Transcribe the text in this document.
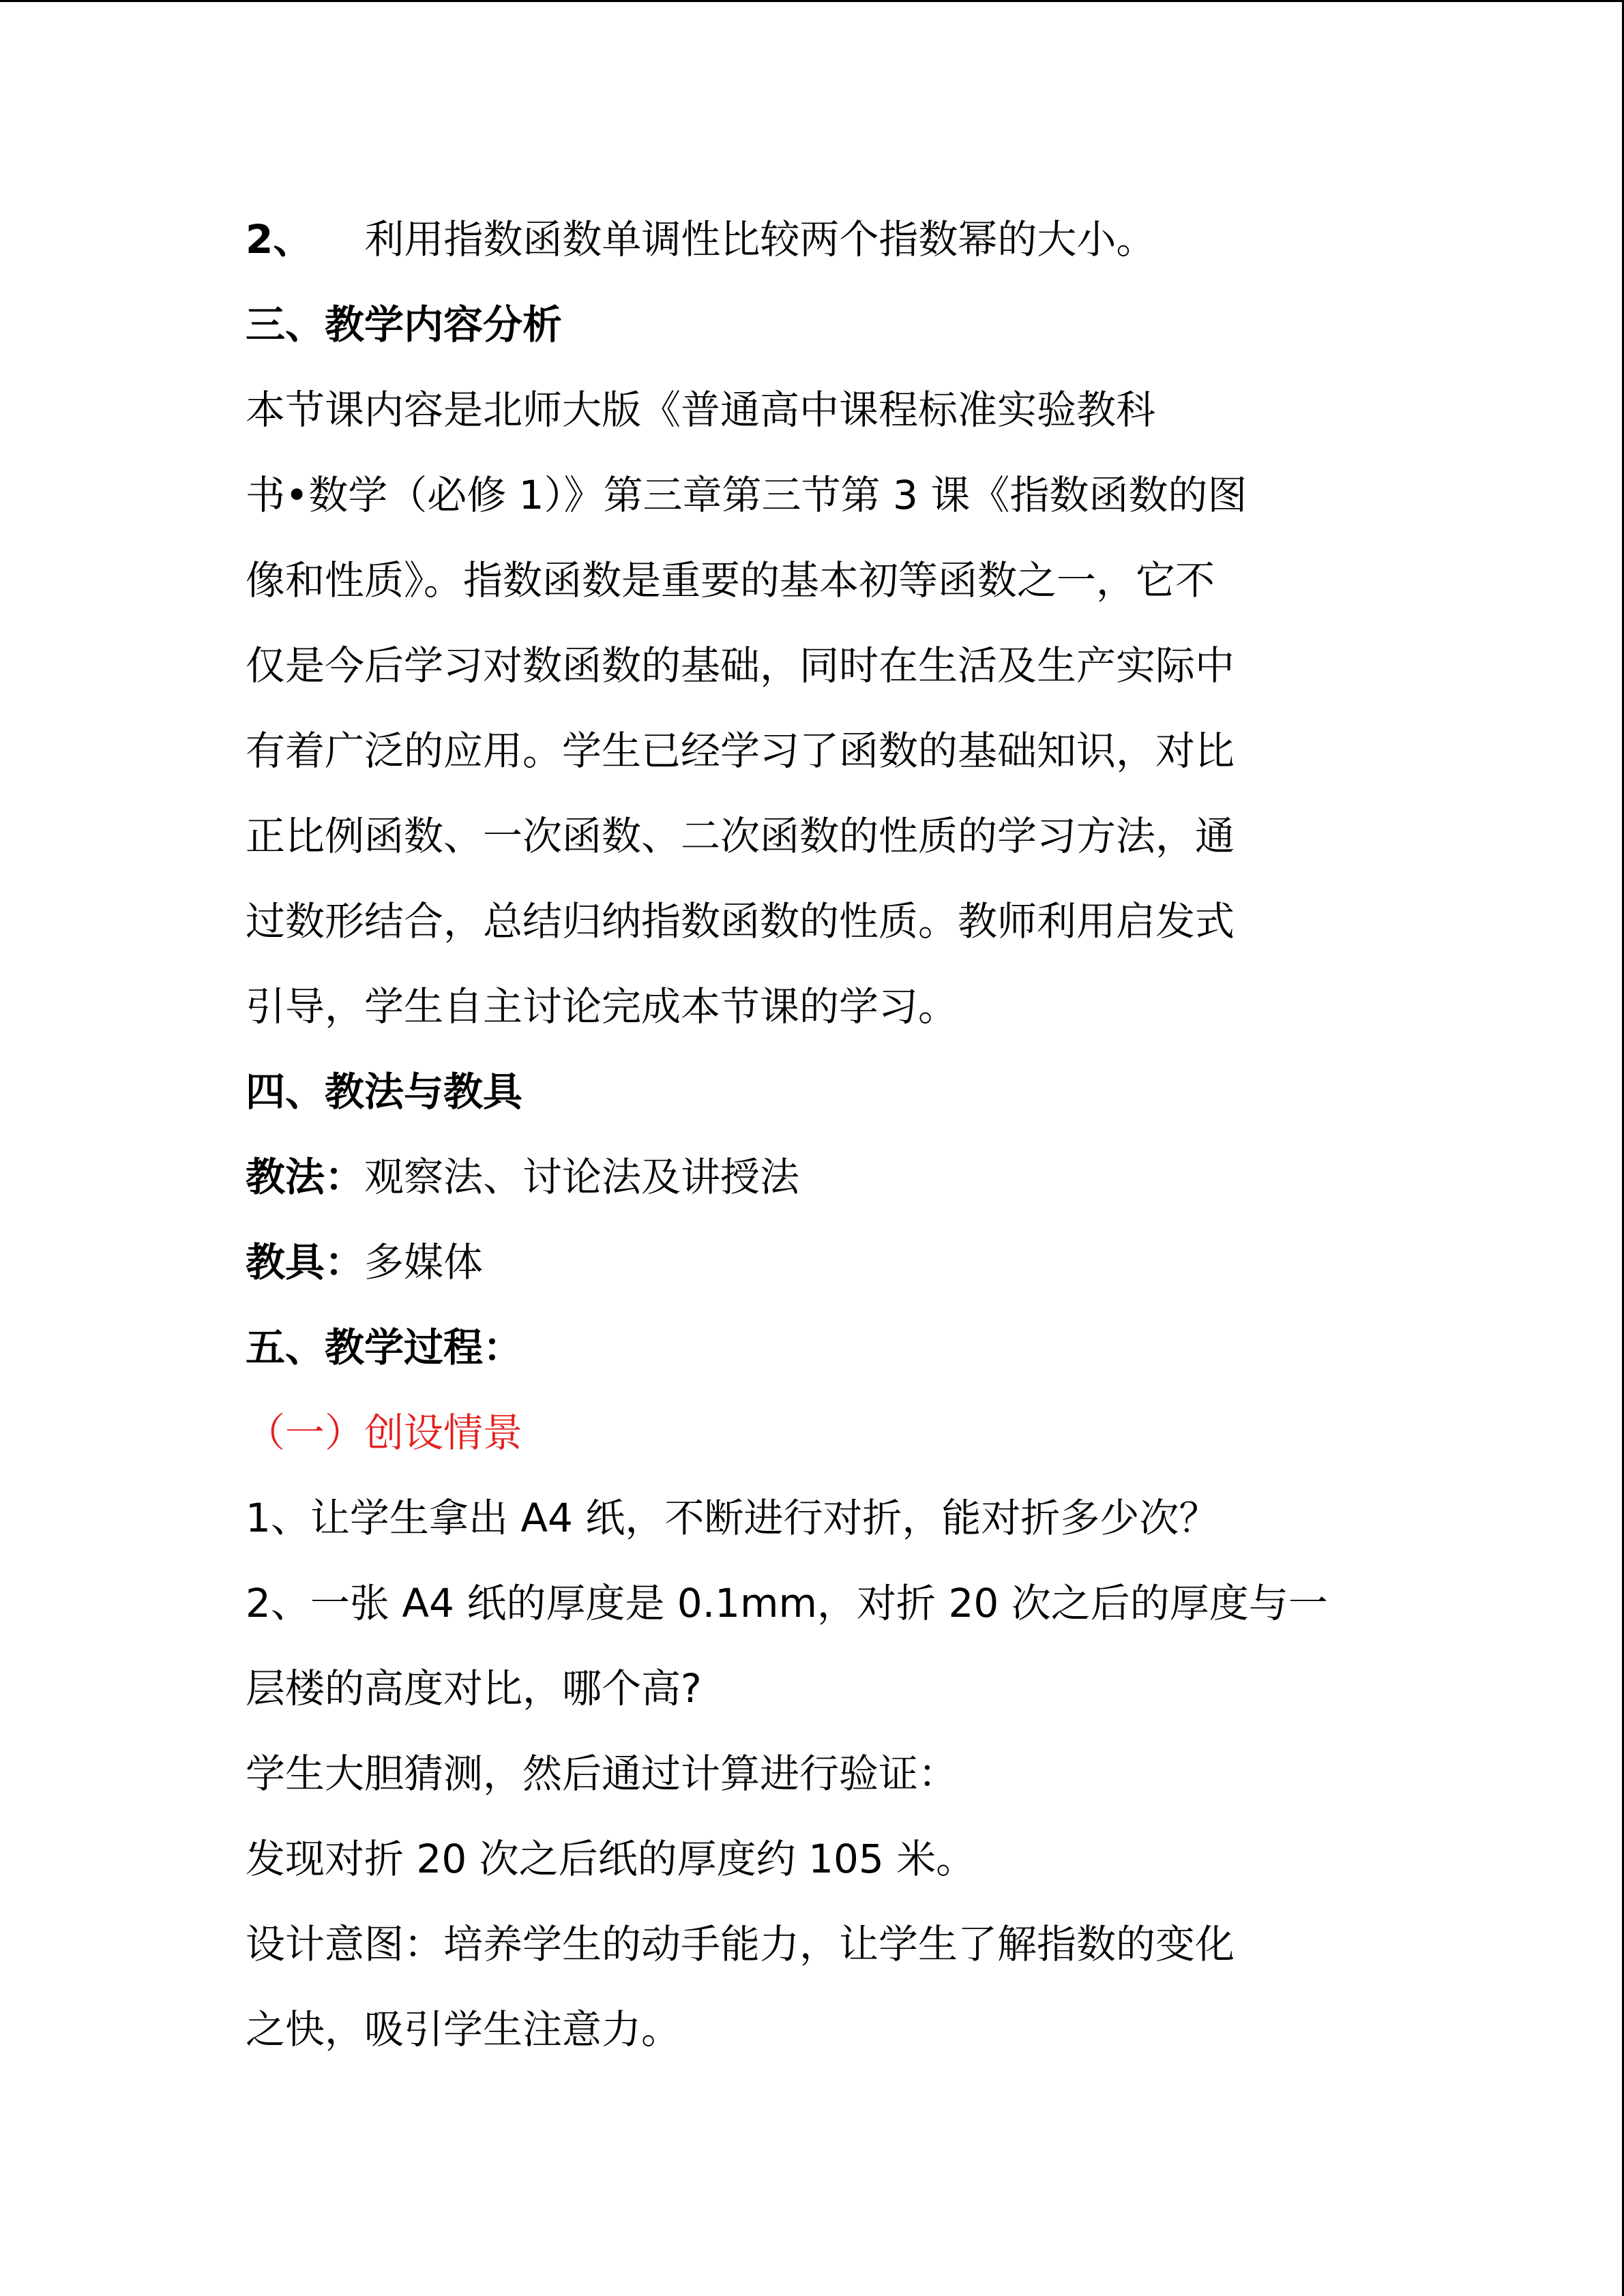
2、 利用指数函数单调性比较两个指数幂的大小。
三、教学内容分析
本节课内容是北师大版《普通高中课程标准实验教科
书•数学（必修 1）》第三章第三节第 3 课《指数函数的图
像和性质》。指数函数是重要的基本初等函数之一，它不
仅是今后学习对数函数的基础，同时在生活及生产实际中
有着广泛的应用。学生已经学习了函数的基础知识，对比
正比例函数、一次函数、二次函数的性质的学习方法，通
过数形结合，总结归纳指数函数的性质。教师利用启发式
引导，学生自主讨论完成本节课的学习。
四、教法与教具
教法：观察法、讨论法及讲授法
教具：多媒体
五、教学过程：
（一）创设情景
1、让学生拿出 A4 纸，不断进行对折，能对折多少次？
2、一张 A4 纸的厚度是 0.1mm，对折 20 次之后的厚度与一
层楼的高度对比，哪个高?
学生大胆猜测，然后通过计算进行验证：
发现对折 20 次之后纸的厚度约 105 米。
设计意图：培养学生的动手能力，让学生了解指数的变化
之快，吸引学生注意力。
